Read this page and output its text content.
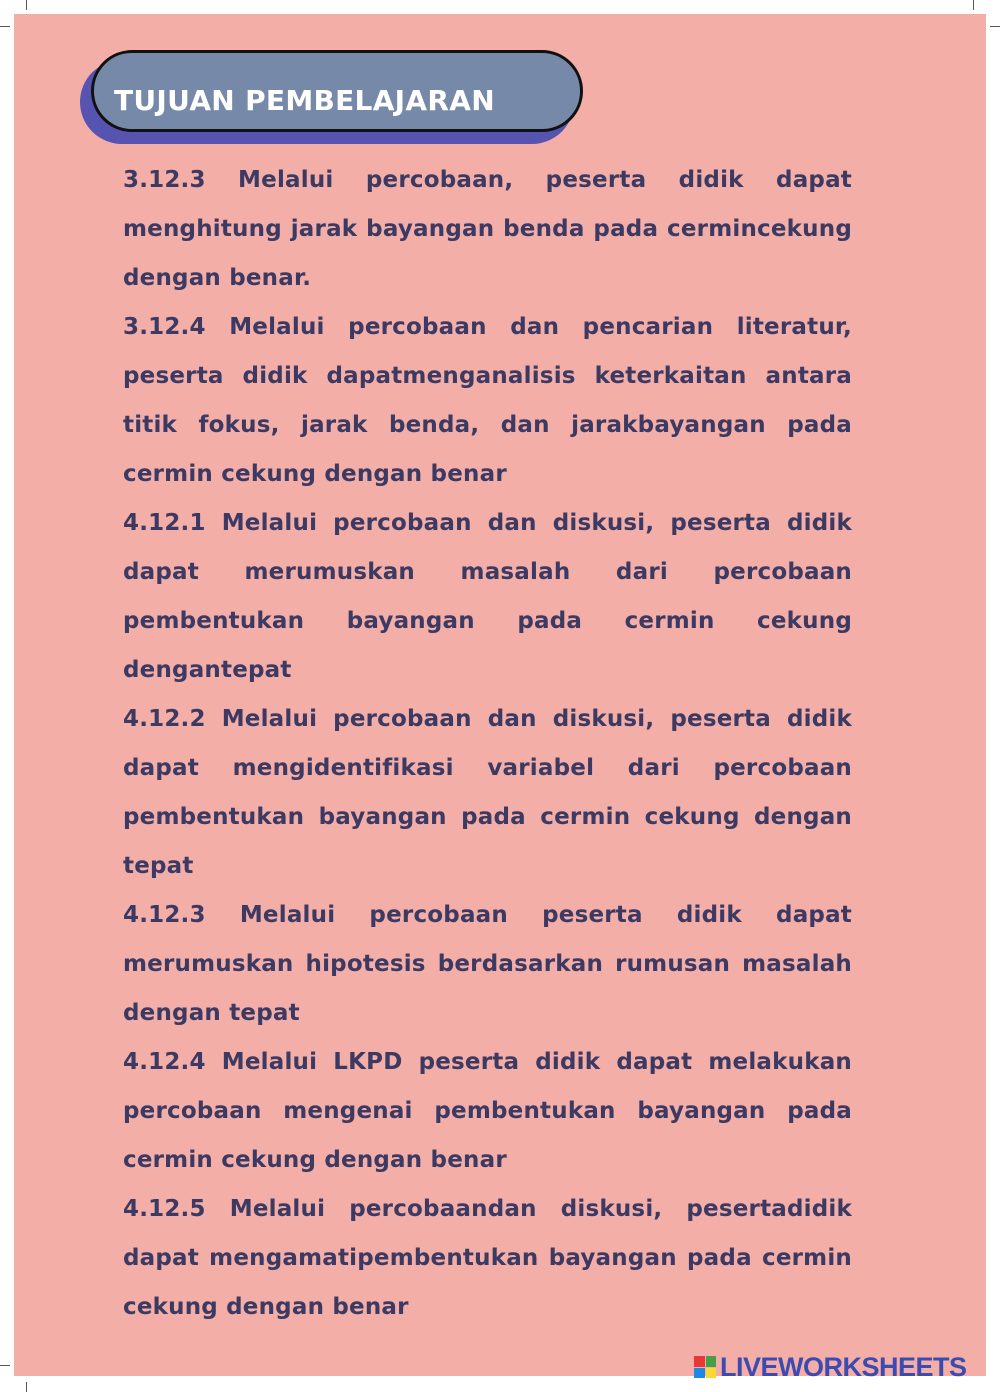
TUJUAN PEMBELAJARAN

3.12.3 Melalui percobaan, peserta didik dapat menghitung jarak bayangan benda pada cermincekung dengan benar.

3.12.4 Melalui percobaan dan pencarian literatur, peserta didik dapatmenganalisis keterkaitan antara titik fokus, jarak benda, dan jarakbayangan pada cermin cekung dengan benar

4.12.1 Melalui percobaan dan diskusi, peserta didik dapat merumuskan masalah dari percobaan pembentukan bayangan pada cermin cekung dengantepat

4.12.2 Melalui percobaan dan diskusi, peserta didik dapat mengidentifikasi variabel dari percobaan pembentukan bayangan pada cermin cekung dengan tepat

4.12.3 Melalui percobaan peserta didik dapat merumuskan hipotesis berdasarkan rumusan masalah dengan tepat

4.12.4 Melalui LKPD peserta didik dapat melakukan percobaan mengenai pembentukan bayangan pada cermin cekung dengan benar

4.12.5 Melalui percobaandan diskusi, pesertadidik dapat mengamatipembentukan bayangan pada cermin cekung dengan benar

LIVEWORKSHEETS
